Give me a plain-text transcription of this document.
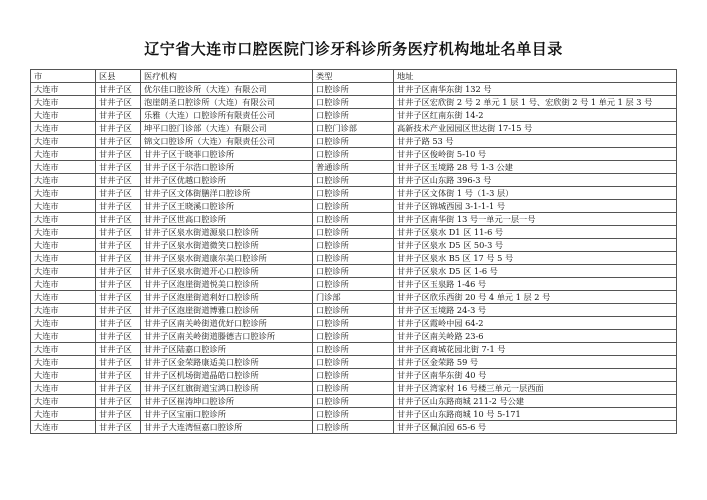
辽宁省大连市口腔医院门诊牙科诊所务医疗机构地址名单目录
市	区县	医疗机构	类型	地址
大连市	甘井子区	优尔佳口腔诊所（大连）有限公司	口腔诊所	甘井子区南华东街 132 号
大连市	甘井子区	泡崖朗圣口腔诊所（大连）有限公司	口腔诊所	甘井子区宏欣街 2 号 2 单元 1 层 1 号、宏欣街 2 号 1 单元 1 层 3 号
大连市	甘井子区	乐雅（大连）口腔诊所有限责任公司	口腔诊所	甘井子区红南东街 14-2
大连市	甘井子区	坤平口腔门诊部（大连）有限公司	口腔门诊部	高新技术产业园园区世达街 17-15 号
大连市	甘井子区	锦文口腔诊所（大连）有限责任公司	口腔诊所	甘井子路 53 号
大连市	甘井子区	甘井子区于晓菲口腔诊所	口腔诊所	甘井子区俊岭街 5-10 号
大连市	甘井子区	甘井子区于尔浩口腔诊所	普通诊所	甘井子区玉境路 28 号 1-3 公建
大连市	甘井子区	甘井子区优越口腔诊所	口腔诊所	甘井子区山东路 396-3 号
大连市	甘井子区	甘井子区文体街膳洋口腔诊所	口腔诊所	甘井子区文体街 1 号（1-3 层）
大连市	甘井子区	甘井子区王晓溪口腔诊所	口腔诊所	甘井子区锦城西园 3-1-1-1 号
大连市	甘井子区	甘井子区世高口腔诊所	口腔诊所	甘井子区南华街 13 号一单元一层一号
大连市	甘井子区	甘井子区泉水街道源泉口腔诊所	口腔诊所	甘井子区泉水 D1 区 11-6 号
大连市	甘井子区	甘井子区泉水街道微笑口腔诊所	口腔诊所	甘井子区泉水 D5 区 50-3 号
大连市	甘井子区	甘井子区泉水街道康尔美口腔诊所	口腔诊所	甘井子区泉水 B5 区 17 号 5 号
大连市	甘井子区	甘井子区泉水街道开心口腔诊所	口腔诊所	甘井子区泉水 D5 区 1-6 号
大连市	甘井子区	甘井子区泡崖街道悦美口腔诊所	口腔诊所	甘井子区玉泉路 1-46 号
大连市	甘井子区	甘井子区泡崖街道利好口腔诊所	门诊部	甘井子区欣乐西街 20 号 4 单元 1 层 2 号
大连市	甘井子区	甘井子区泡崖街道博雅口腔诊所	口腔诊所	甘井子区玉境路 24-3 号
大连市	甘井子区	甘井子区南关岭街道优好口腔诊所	口腔诊所	甘井子区霞岭中园 64-2
大连市	甘井子区	甘井子区南关岭街道滕德吉口腔诊所	口腔诊所	甘井子区南关岭路 23-6
大连市	甘井子区	甘井子区陆嘉口腔诊所	口腔诊所	甘井子区商城花园北街 7-1 号
大连市	甘井子区	甘井子区金荣路康适美口腔诊所	口腔诊所	甘井子区金荣路 59 号
大连市	甘井子区	甘井子区机场街道晶皓口腔诊所	口腔诊所	甘井子区南华东街 40 号
大连市	甘井子区	甘井子区红旗街道宝鸿口腔诊所	口腔诊所	甘井子区湾家村 16 号楼三单元一层西面
大连市	甘井子区	甘井子区崔涛坤口腔诊所	口腔诊所	甘井子区山东路商城 211-2 号公建
大连市	甘井子区	甘井子区宝丽口腔诊所	口腔诊所	甘井子区山东路商城 10 号 5-171
大连市	甘井子区	甘井子大连湾恒嘉口腔诊所	口腔诊所	甘井子区佩泊园 65-6 号
